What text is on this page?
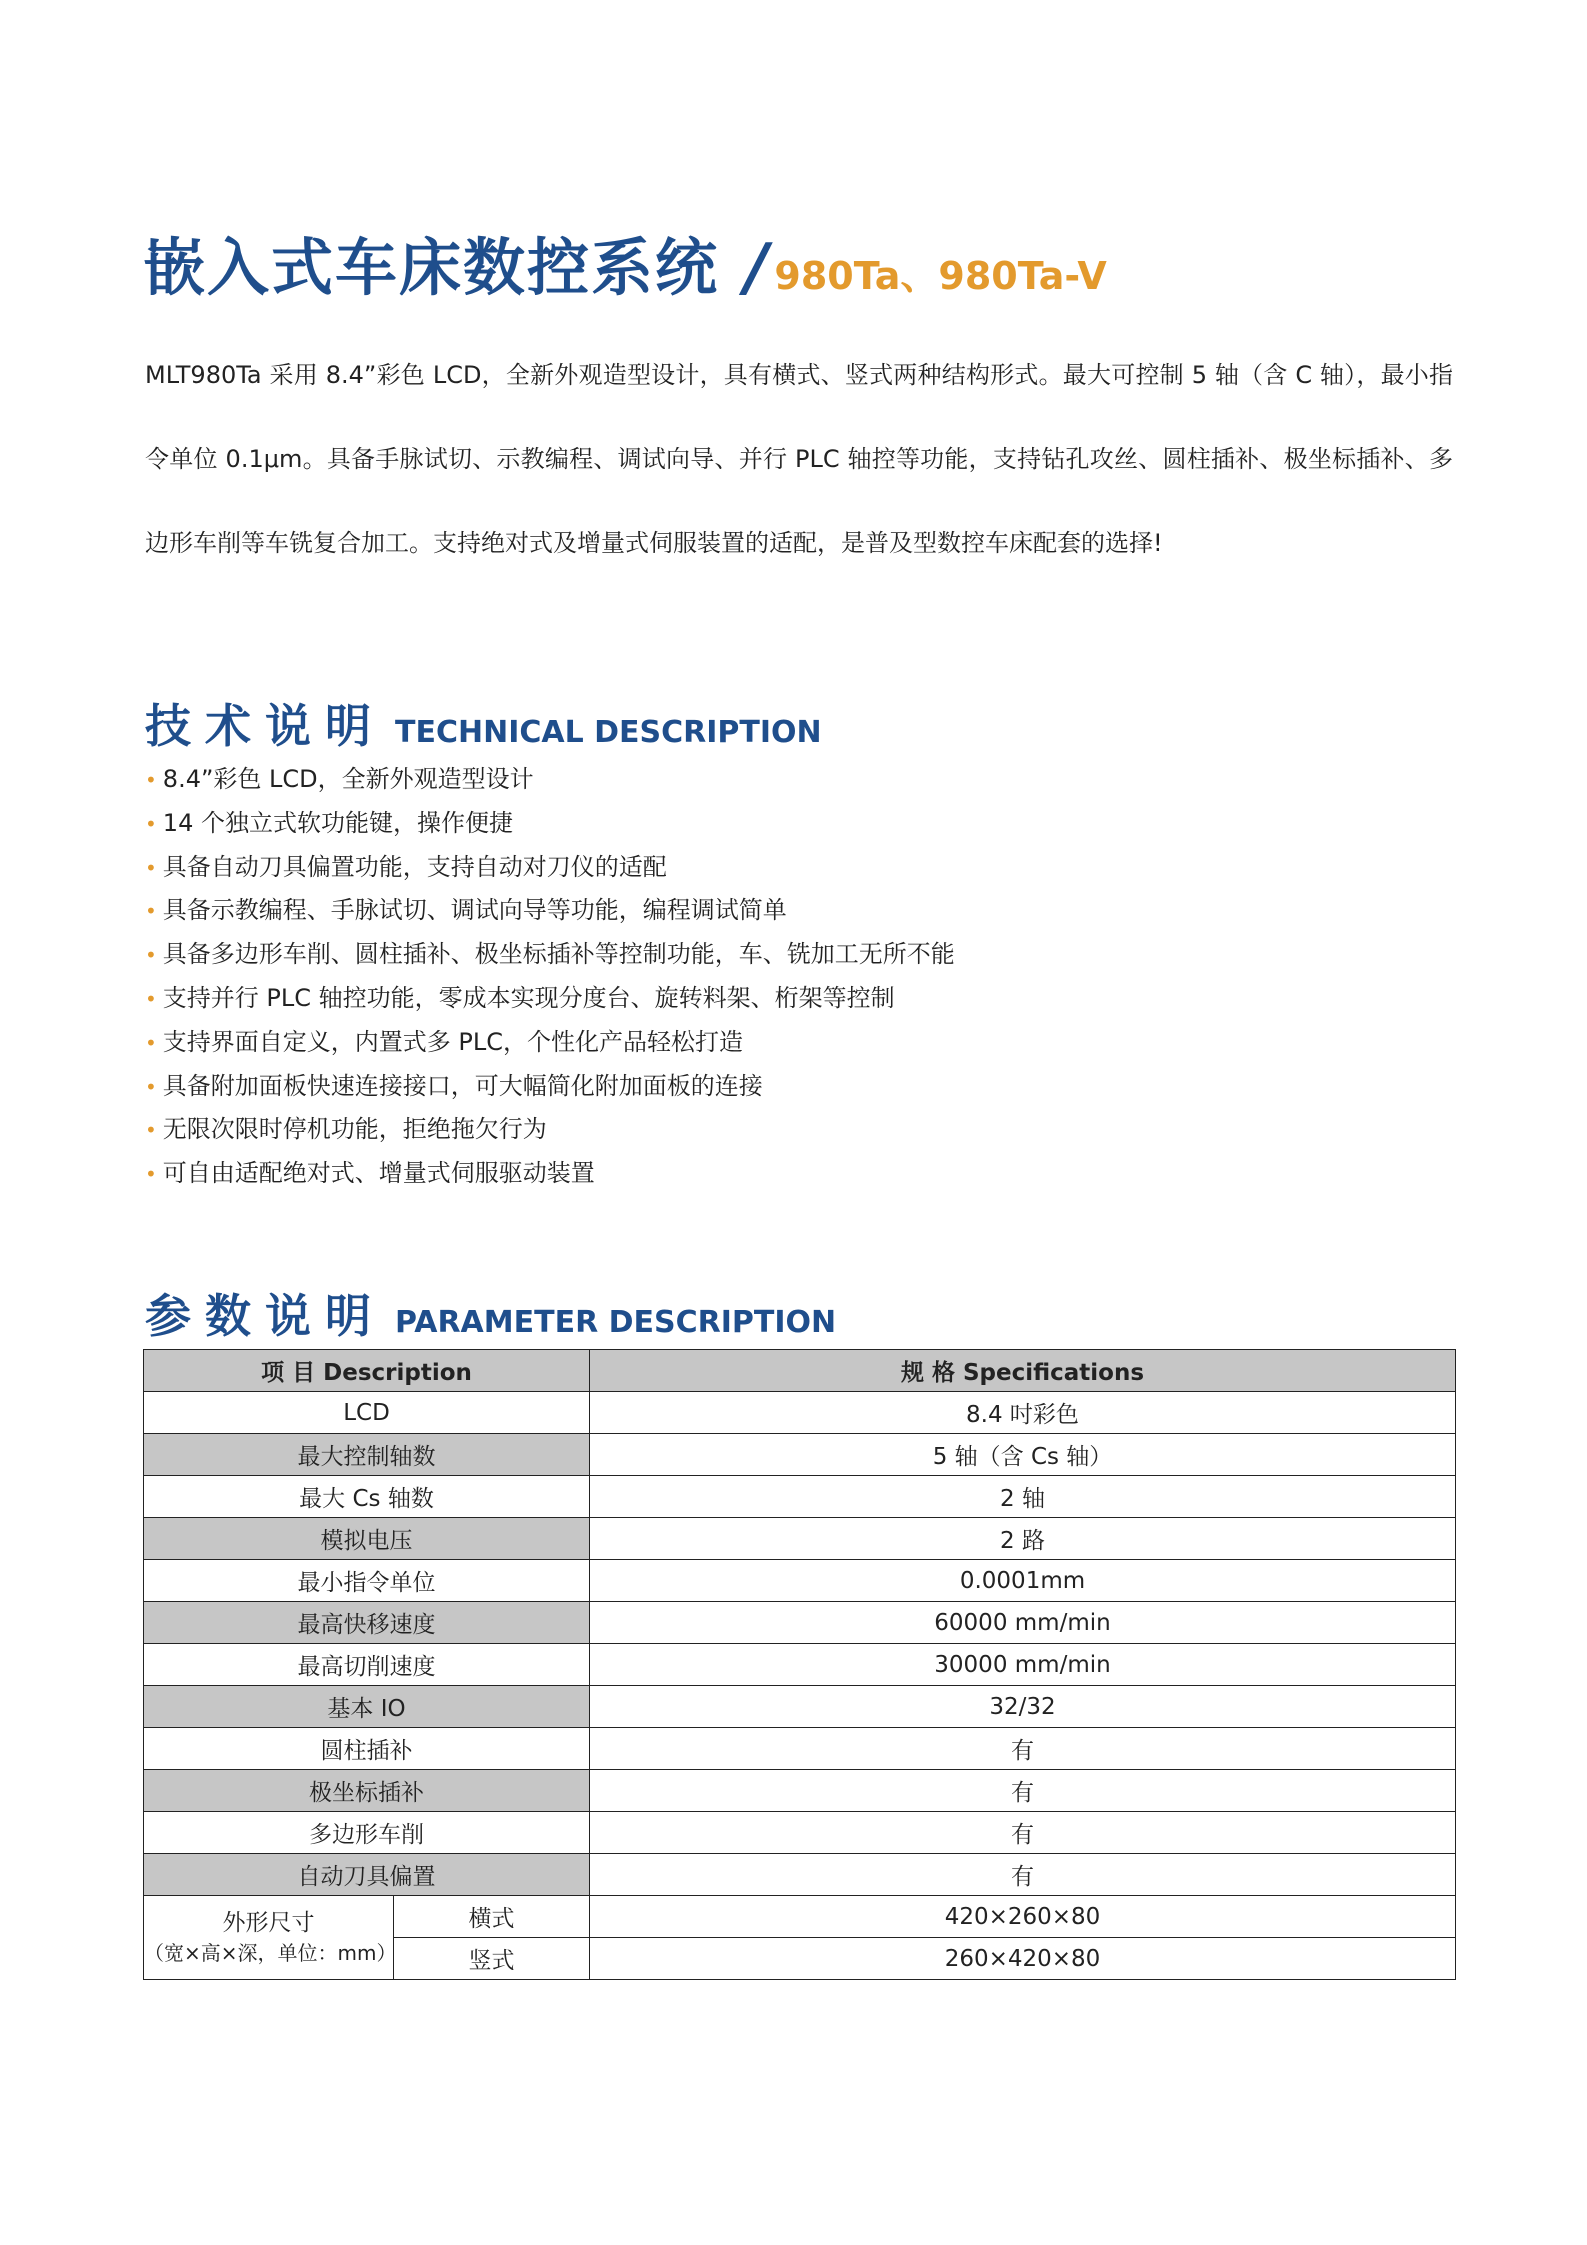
嵌入式车床数控系统 / 980Ta、980Ta-V
MLT980Ta 采用 8.4”彩色 LCD，全新外观造型设计，具有横式、竖式两种结构形式。最大可控制 5 轴（含 C 轴），最小指令单位 0.1μm。具备手脉试切、示教编程、调试向导、并行 PLC 轴控等功能，支持钻孔攻丝、圆柱插补、极坐标插补、多边形车削等车铣复合加工。支持绝对式及增量式伺服装置的适配，是普及型数控车床配套的选择!
技术说明 TECHNICAL DESCRIPTION
• 8.4”彩色 LCD，全新外观造型设计
• 14 个独立式软功能键，操作便捷
• 具备自动刀具偏置功能，支持自动对刀仪的适配
• 具备示教编程、手脉试切、调试向导等功能，编程调试简单
• 具备多边形车削、圆柱插补、极坐标插补等控制功能，车、铣加工无所不能
• 支持并行 PLC 轴控功能，零成本实现分度台、旋转料架、桁架等控制
• 支持界面自定义，内置式多 PLC，个性化产品轻松打造
• 具备附加面板快速连接接口，可大幅简化附加面板的连接
• 无限次限时停机功能，拒绝拖欠行为
• 可自由适配绝对式、增量式伺服驱动装置
参数说明 PARAMETER DESCRIPTION
项 目 Description		规 格 Specifications
LCD		8.4 吋彩色
最大控制轴数		5 轴（含 Cs 轴）
最大 Cs 轴数		2 轴
模拟电压		2 路
最小指令单位		0.0001mm
最高快移速度		60000 mm/min
最高切削速度		30000 mm/min
基本 IO		32/32
圆柱插补		有
极坐标插补		有
多边形车削		有
自动刀具偏置		有
外形尺寸
（宽×高×深，单位：mm）	横式	420×260×80
	竖式	260×420×80
